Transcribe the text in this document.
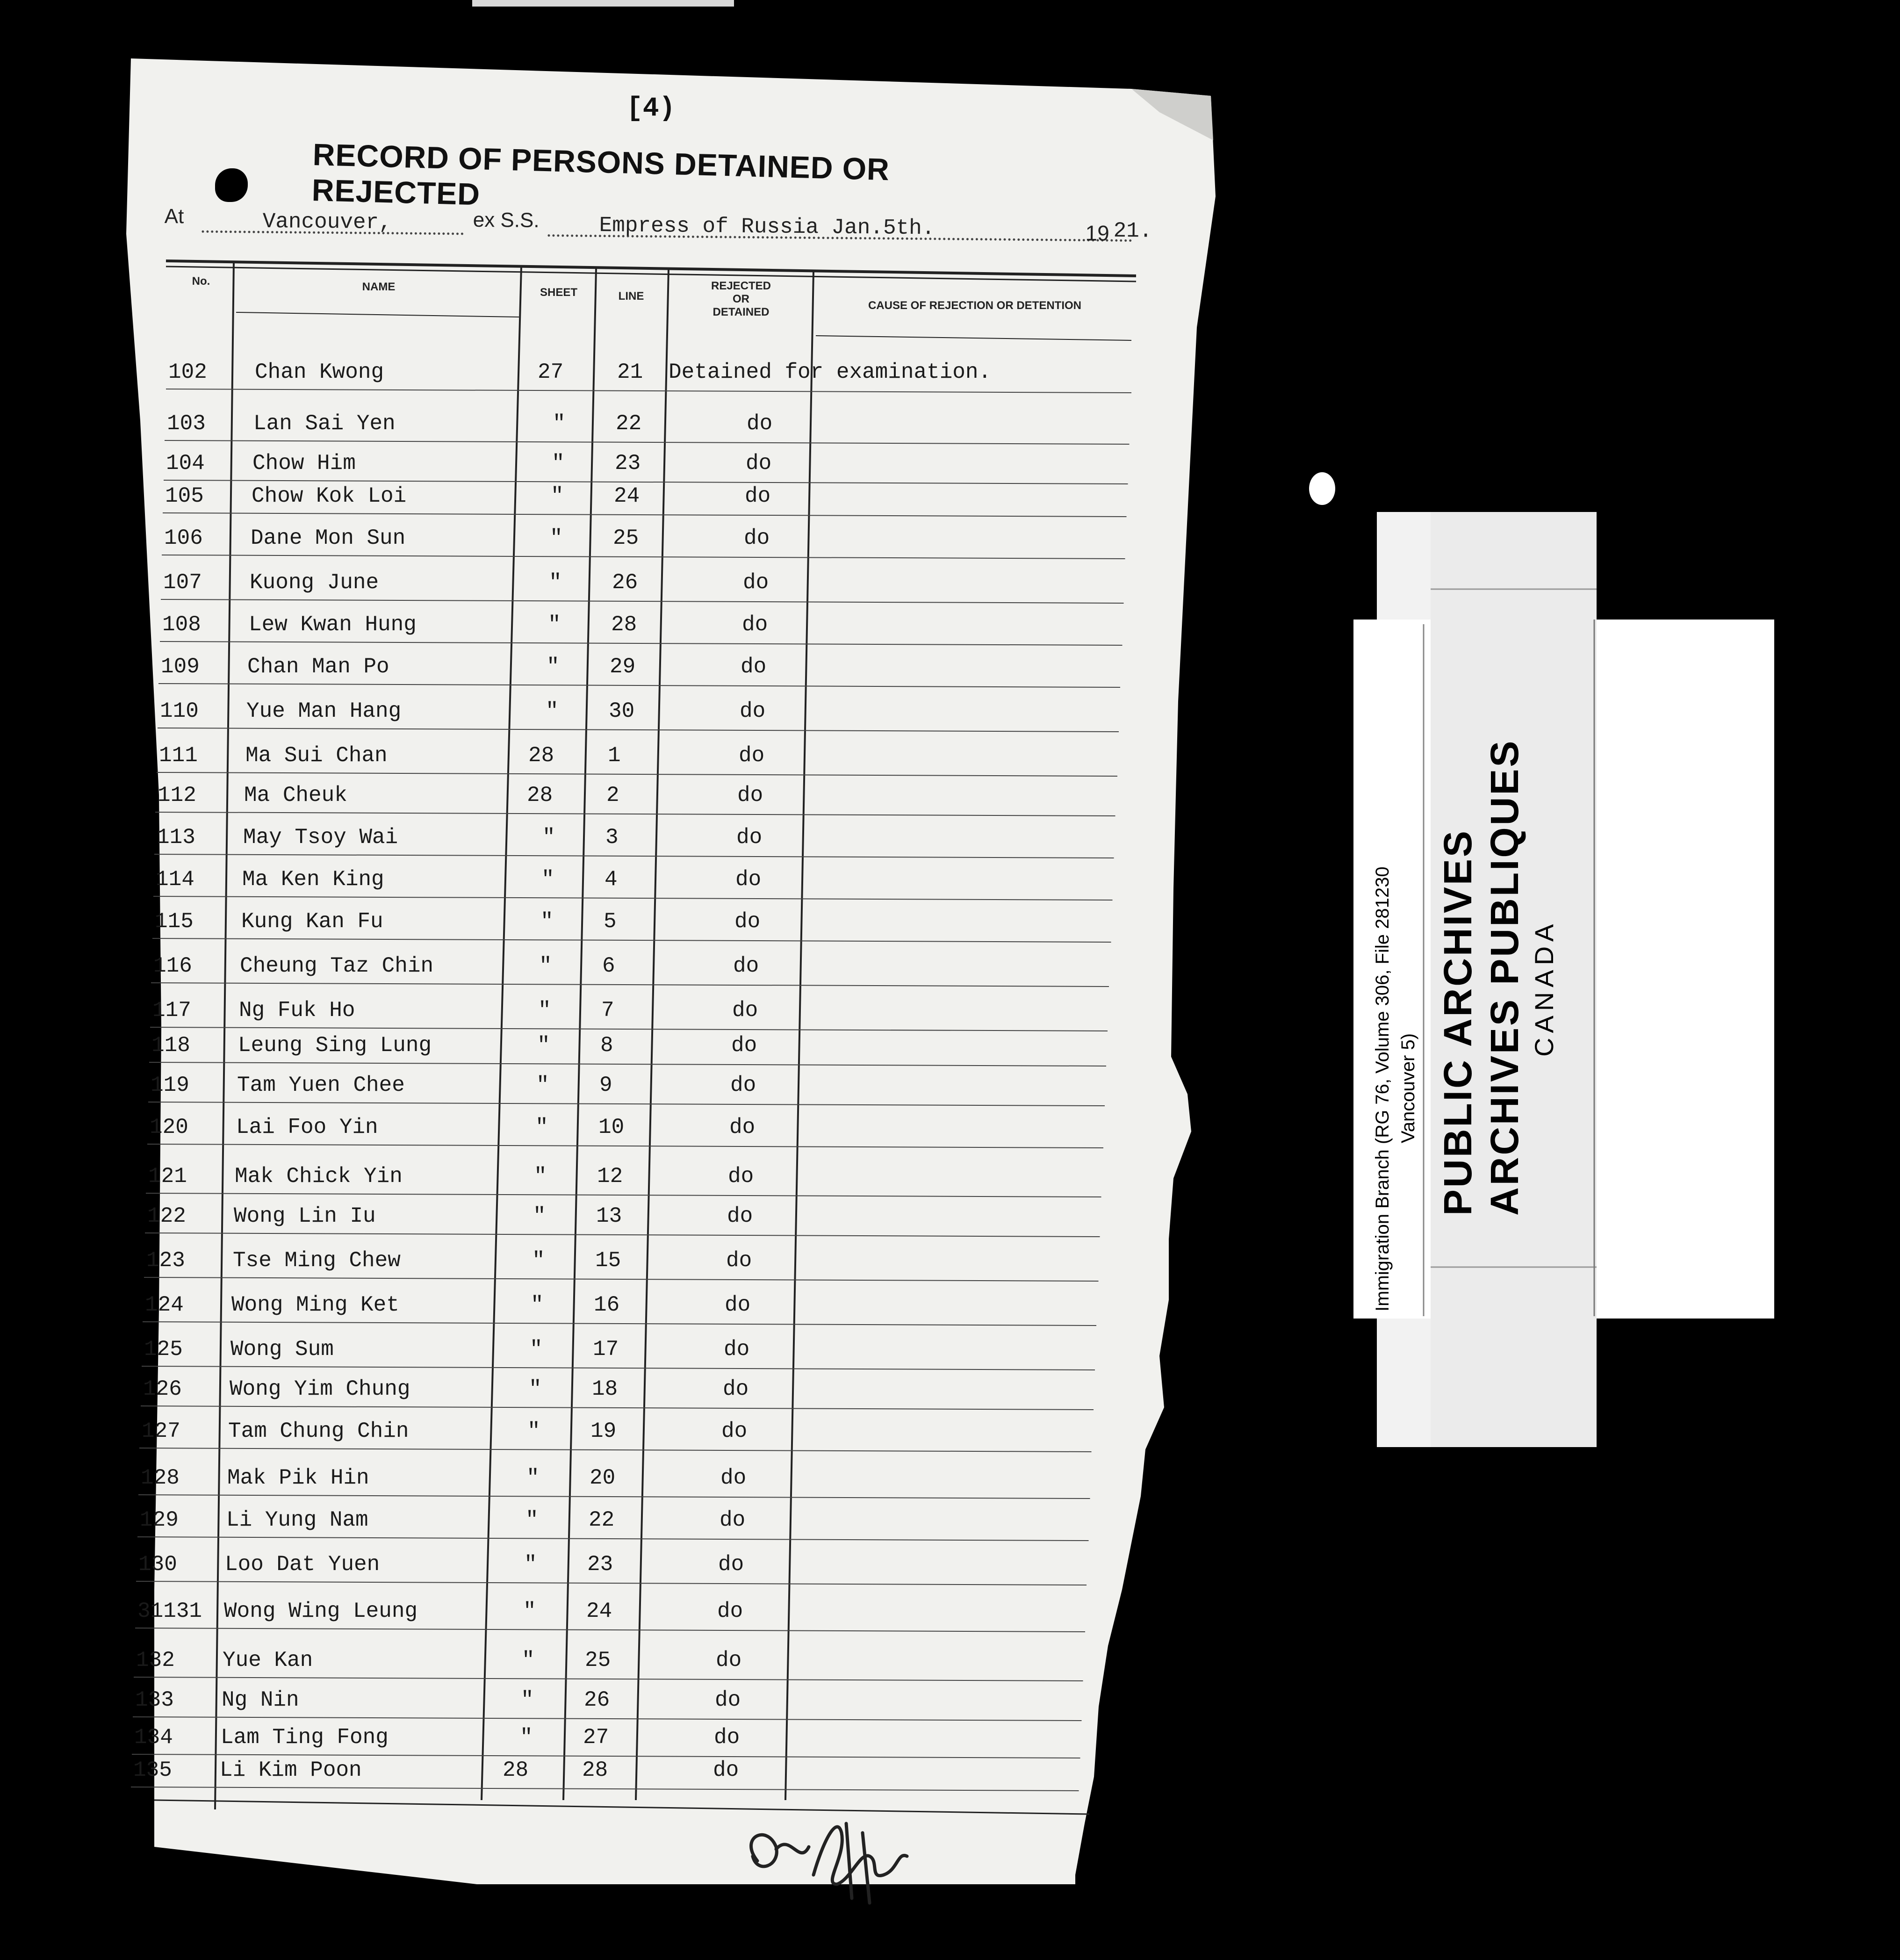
[4)
RECORD OF PERSONS DETAINED OR REJECTED
At	Vancouver,	ex S.S.	Empress of Russia Jan.5th.	19 21.
No.	NAME	SHEET	LINE
REJECTED
OR
DETAINED
CAUSE OF REJECTION OR DETENTION
102 Chan Kwong	27 21 Detained for examination.
103 Lan Sai Yen	" 22	do
104 Chow Him	" 23	do
105 Chow Kok Loi	" 24	do
106 Dane Mon Sun	" 25	do
107 Kuong June	" 26	do
108 Lew Kwan Hung	" 28	do
109 Chan Man Po	" 29	do
110 Yue Man Hang	" 30	do
111 Ma Sui Chan	28 1	do
112 Ma Cheuk	28 2	do
113 May Tsoy Wai	" 3	do
114 Ma Ken King	" 4	do
115 Kung Kan Fu	" 5	do
116 Cheung Taz Chin	" 6	do
117 Ng Fuk Ho	" 7	do
118 Leung Sing Lung	" 8	do
119 Tam Yuen Chee	" 9	do
120 Lai Foo Yin	" 10	do
121 Mak Chick Yin	" 12	do
122 Wong Lin Iu	" 13	do
123 Tse Ming Chew	" 15	do
124 Wong Ming Ket	" 16	do
125 Wong Sum	" 17	do
126 Wong Yim Chung	" 18	do
127 Tam Chung Chin	" 19	do
128 Mak Pik Hin	" 20	do
129 Li Yung Nam	" 22	do
130 Loo Dat Yuen	" 23	do
31131 Wong Wing Leung	" 24	do
132 Yue Kan	" 25	do
133 Ng Nin	" 26	do
134 Lam Ting Fong	" 27	do
135 Li Kim Poon	28 28	do
Immigration Branch (RG 76, Volume 306, File 281230 Vancouver 5) PUBLIC ARCHIVES ARCHIVES PUBLIQUES CANADA
